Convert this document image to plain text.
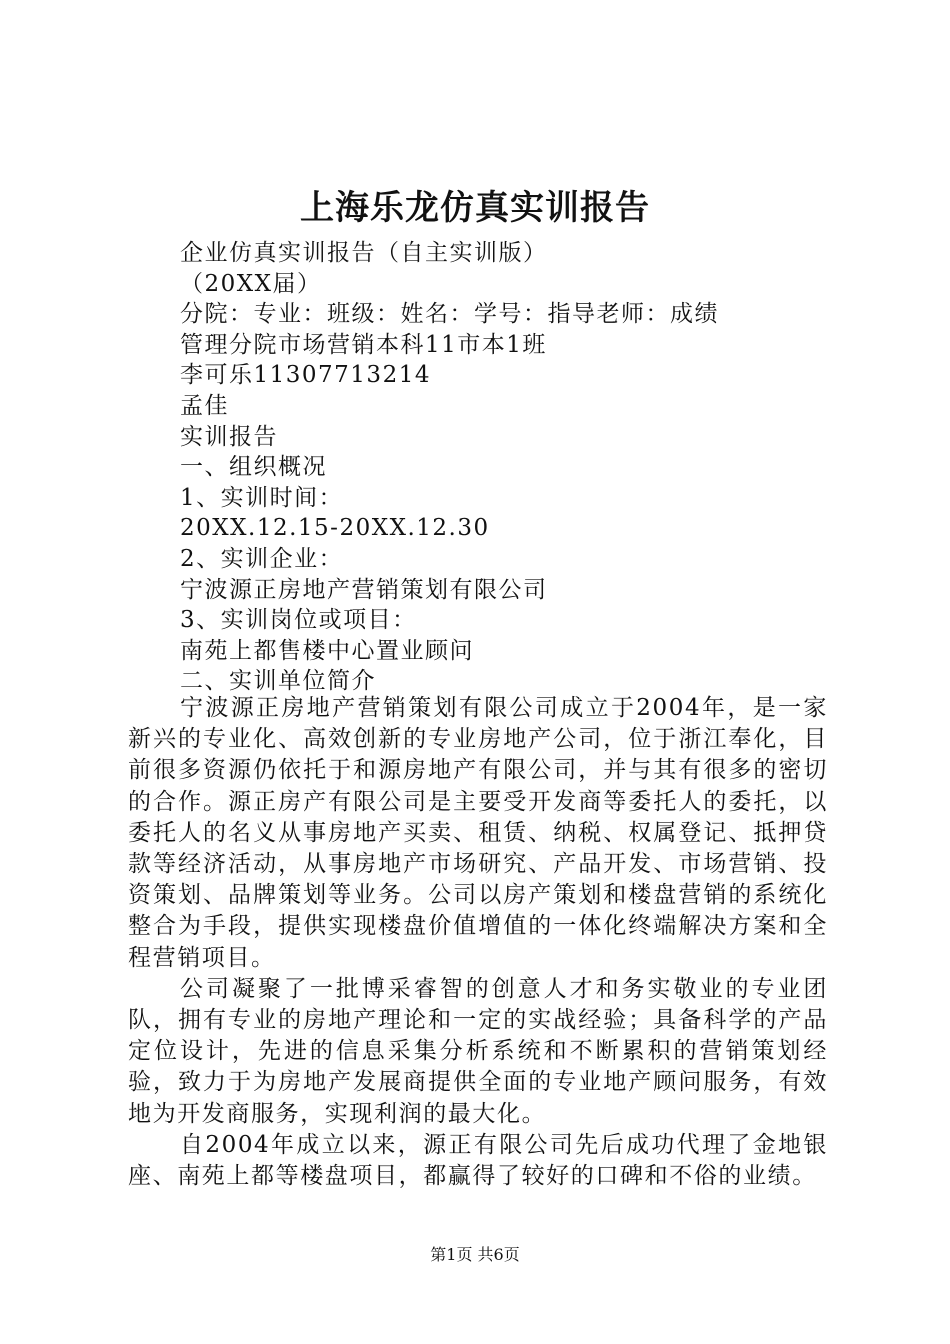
上海乐龙仿真实训报告
企业仿真实训报告（自主实训版）
（20XX届）
分院：专业：班级：姓名：学号：指导老师：成绩
管理分院市场营销本科11市本1班
李可乐11307713214
孟佳
实训报告
一、组织概况
1、实训时间：
20XX.12.15-20XX.12.30
2、实训企业：
宁波源正房地产营销策划有限公司
3、实训岗位或项目：
南苑上都售楼中心置业顾问
二、实训单位简介

宁波源正房地产营销策划有限公司成立于2004年，是一家新兴的专业化、高效创新的专业房地产公司，位于浙江奉化，目前很多资源仍依托于和源房地产有限公司，并与其有很多的密切的合作。源正房产有限公司是主要受开发商等委托人的委托，以委托人的名义从事房地产买卖、租赁、纳税、权属登记、抵押贷款等经济活动，从事房地产市场研究、产品开发、市场营销、投资策划、品牌策划等业务。公司以房产策划和楼盘营销的系统化整合为手段，提供实现楼盘价值增值的一体化终端解决方案和全程营销项目。

公司凝聚了一批博采睿智的创意人才和务实敬业的专业团队，拥有专业的房地产理论和一定的实战经验；具备科学的产品定位设计，先进的信息采集分析系统和不断累积的营销策划经验，致力于为房地产发展商提供全面的专业地产顾问服务，有效地为开发商服务，实现利润的最大化。

自2004年成立以来，源正有限公司先后成功代理了金地银座、南苑上都等楼盘项目，都赢得了较好的口碑和不俗的业绩。

第1页 共6页
